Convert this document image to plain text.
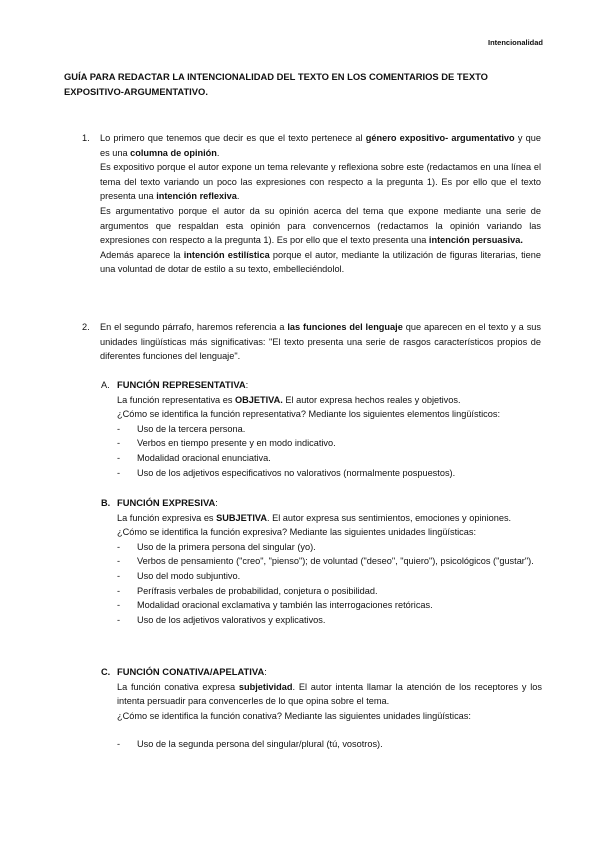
Intencionalidad
GUÍA PARA REDACTAR LA INTENCIONALIDAD DEL TEXTO EN LOS COMENTARIOS DE TEXTO EXPOSITIVO-ARGUMENTATIVO.
1. Lo primero que tenemos que decir es que el texto pertenece al género expositivo- argumentativo y que es una columna de opinión.

Es expositivo porque el autor expone un tema relevante y reflexiona sobre este (redactamos en una línea el tema del texto variando un poco las expresiones con respecto a la pregunta 1). Es por ello que el texto presenta una intención reflexiva.

Es argumentativo porque el autor da su opinión acerca del tema que expone mediante una serie de argumentos que respaldan esta opinión para convencernos (redactamos la opinión variando las expresiones con respecto a la pregunta 1). Es por ello que el texto presenta una intención persuasiva.

Además aparece la intención estilística porque el autor, mediante la utilización de figuras literarias, tiene una voluntad de dotar de estilo a su texto, embelleciéndolol.

2. En el segundo párrafo, haremos referencia a las funciones del lenguaje que aparecen en el texto y a sus unidades lingüísticas más significativas: "El texto presenta una serie de rasgos característicos propios de diferentes funciones del lenguaje".

A. FUNCIÓN REPRESENTATIVA:

La función representativa es OBJETIVA. El autor expresa hechos reales y objetivos.

¿Cómo se identifica la función representativa? Mediante los siguientes elementos lingüísticos:

- Uso de la tercera persona.
- Verbos en tiempo presente y en modo indicativo.
- Modalidad oracional enunciativa.
- Uso de los adjetivos especificativos no valorativos (normalmente pospuestos).
B. FUNCIÓN EXPRESIVA:

La función expresiva es SUBJETIVA. El autor expresa sus sentimientos, emociones y opiniones.

¿Cómo se identifica la función expresiva? Mediante las siguientes unidades lingüísticas:

- Uso de la primera persona del singular (yo).
- Verbos de pensamiento ("creo", "pienso"); de voluntad ("deseo", "quiero"), psicológicos ("gustar").
- Uso del modo subjuntivo.
- Perífrasis verbales de probabilidad, conjetura o posibilidad.
- Modalidad oracional exclamativa y también las interrogaciones retóricas.
- Uso de los adjetivos valorativos y explicativos.
C. FUNCIÓN CONATIVA/APELATIVA:

La función conativa expresa subjetividad. El autor intenta llamar la atención de los receptores y los intenta persuadir para convencerles de lo que opina sobre el tema.

¿Cómo se identifica la función conativa? Mediante las siguientes unidades lingüísticas:

- Uso de la segunda persona del singular/plural (tú, vosotros).
